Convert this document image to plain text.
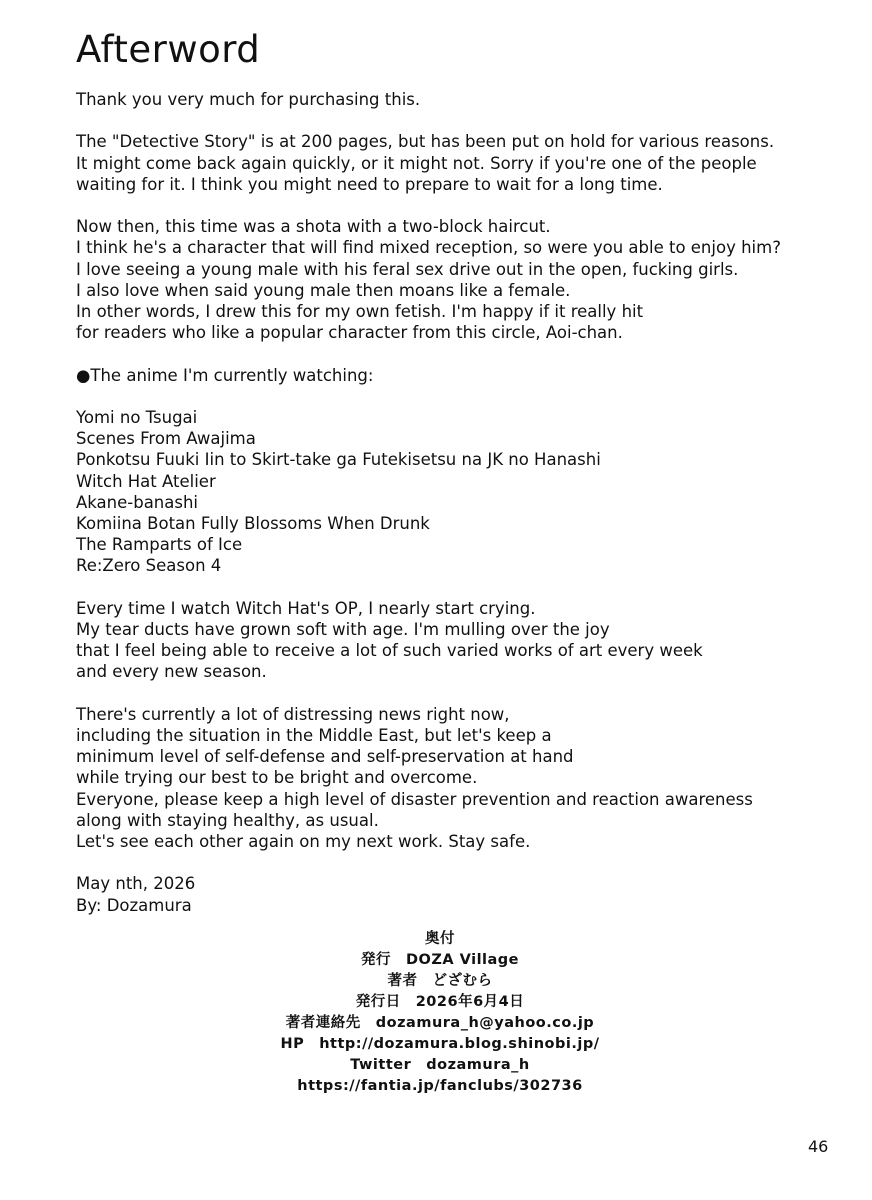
Afterword
Thank you very much for purchasing this.
The "Detective Story" is at 200 pages, but has been put on hold for various reasons.
It might come back again quickly, or it might not. Sorry if you're one of the people
waiting for it. I think you might need to prepare to wait for a long time.
Now then, this time was a shota with a two-block haircut.
I think he's a character that will find mixed reception, so were you able to enjoy him?
I love seeing a young male with his feral sex drive out in the open, fucking girls.
I also love when said young male then moans like a female.
In other words, I drew this for my own fetish. I'm happy if it really hit
for readers who like a popular character from this circle, Aoi-chan.
●The anime I'm currently watching:
Yomi no Tsugai
Scenes From Awajima
Ponkotsu Fuuki Iin to Skirt-take ga Futekisetsu na JK no Hanashi
Witch Hat Atelier
Akane-banashi
Komiina Botan Fully Blossoms When Drunk
The Ramparts of Ice
Re:Zero Season 4
Every time I watch Witch Hat's OP, I nearly start crying.
My tear ducts have grown soft with age. I'm mulling over the joy
that I feel being able to receive a lot of such varied works of art every week
and every new season.
There's currently a lot of distressing news right now,
including the situation in the Middle East, but let's keep a
minimum level of self-defense and self-preservation at hand
while trying our best to be bright and overcome.
Everyone, please keep a high level of disaster prevention and reaction awareness
along with staying healthy, as usual.
Let's see each other again on my next work. Stay safe.
May nth, 2026
By: Dozamura
奥付
発行　DOZA Village
著者　どざむら
発行日　2026年6月4日
著者連絡先　dozamura_h@yahoo.co.jp
HP　http://dozamura.blog.shinobi.jp/
Twitter　dozamura_h
https://fantia.jp/fanclubs/302736
46
